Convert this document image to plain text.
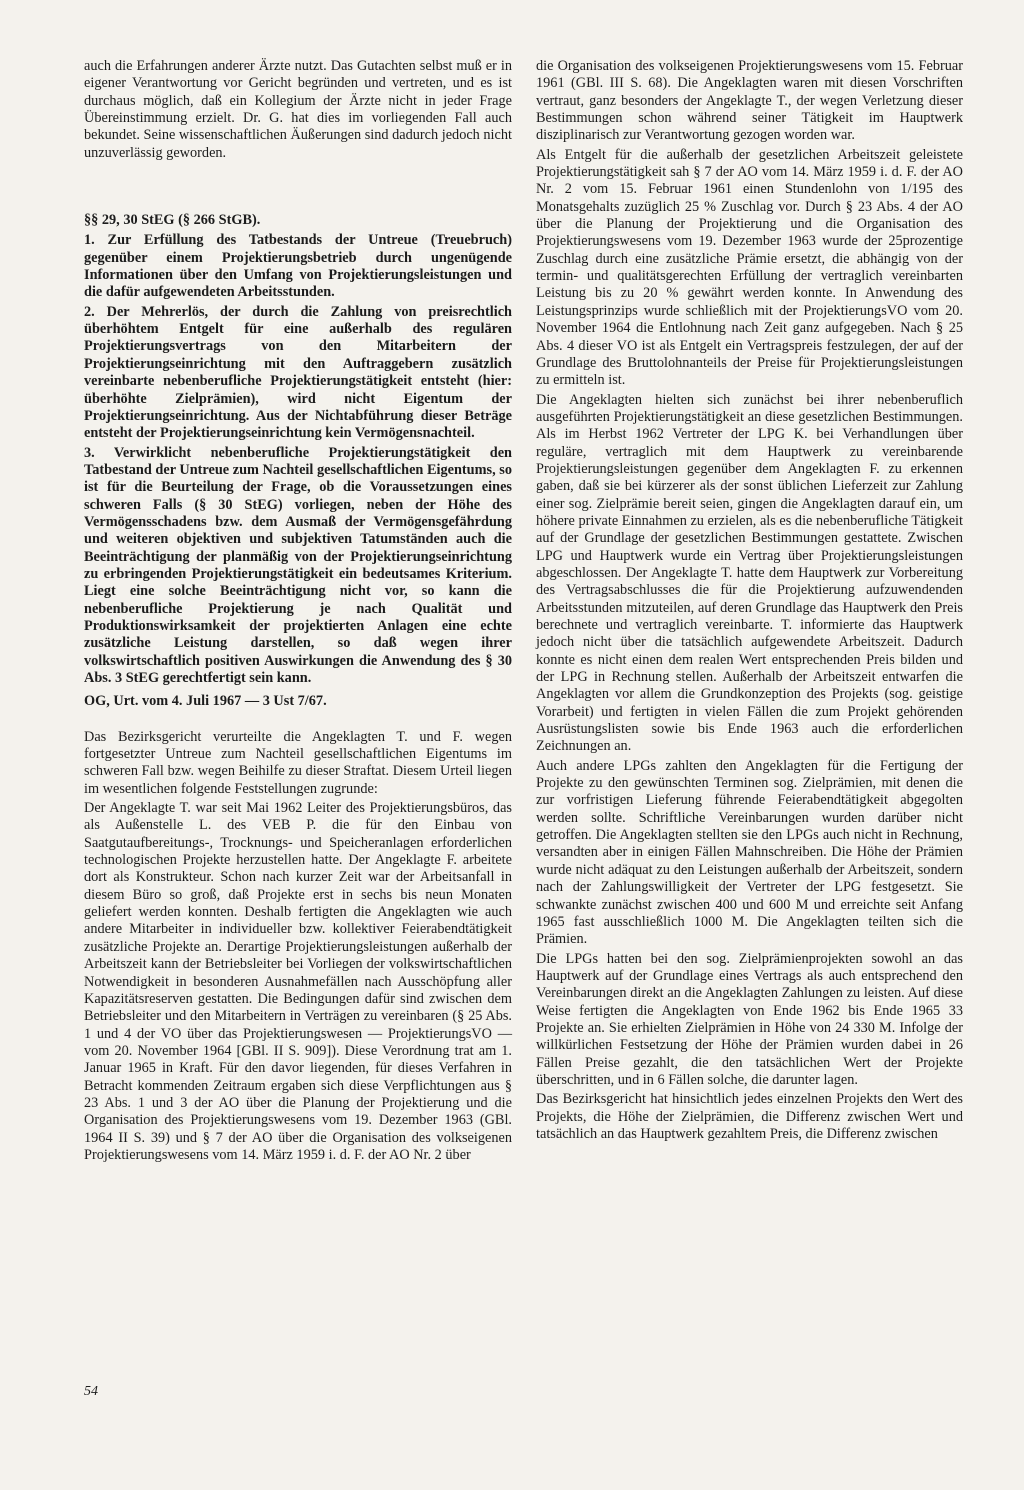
auch die Erfahrungen anderer Ärzte nutzt. Das Gutachten selbst muß er in eigener Verantwortung vor Gericht begründen und vertreten, und es ist durchaus möglich, daß ein Kollegium der Ärzte nicht in jeder Frage Übereinstimmung erzielt. Dr. G. hat dies im vorliegenden Fall auch bekundet. Seine wissenschaftlichen Äußerungen sind dadurch jedoch nicht unzuverlässig geworden.

§§ 29, 30 StEG (§ 266 StGB).

1. Zur Erfüllung des Tatbestands der Untreue (Treuebruch) gegenüber einem Projektierungsbetrieb durch ungenügende Informationen über den Umfang von Projektierungsleistungen und die dafür aufgewendeten Arbeitsstunden.

2. Der Mehrerlös, der durch die Zahlung von preisrechtlich überhöhtem Entgelt für eine außerhalb des regulären Projektierungsvertrags von den Mitarbeitern der Projektierungseinrichtung mit den Auftraggebern zusätzlich vereinbarte nebenberufliche Projektierungstätigkeit entsteht (hier: überhöhte Zielprämien), wird nicht Eigentum der Projektierungseinrichtung. Aus der Nichtabführung dieser Beträge entsteht der Projektierungseinrichtung kein Vermögensnachteil.

3. Verwirklicht nebenberufliche Projektierungstätigkeit den Tatbestand der Untreue zum Nachteil gesellschaftlichen Eigentums, so ist für die Beurteilung der Frage, ob die Voraussetzungen eines schweren Falls (§ 30 StEG) vorliegen, neben der Höhe des Vermögensschadens bzw. dem Ausmaß der Vermögensgefährdung und weiteren objektiven und subjektiven Tatumständen auch die Beeinträchtigung der planmäßig von der Projektierungseinrichtung zu erbringenden Projektierungstätigkeit ein bedeutsames Kriterium. Liegt eine solche Beeinträchtigung nicht vor, so kann die nebenberufliche Projektierung je nach Qualität und Produktionswirksamkeit der projektierten Anlagen eine echte zusätzliche Leistung darstellen, so daß wegen ihrer volkswirtschaftlich positiven Auswirkungen die Anwendung des § 30 Abs. 3 StEG gerechtfertigt sein kann.

OG, Urt. vom 4. Juli 1967 — 3 Ust 7/67.

Das Bezirksgericht verurteilte die Angeklagten T. und F. wegen fortgesetzter Untreue zum Nachteil gesellschaftlichen Eigentums im schweren Fall bzw. wegen Beihilfe zu dieser Straftat. Diesem Urteil liegen im wesentlichen folgende Feststellungen zugrunde:

Der Angeklagte T. war seit Mai 1962 Leiter des Projektierungsbüros, das als Außenstelle L. des VEB P. die für den Einbau von Saatgutaufbereitungs-, Trocknungs- und Speicheranlagen erforderlichen technologischen Projekte herzustellen hatte. Der Angeklagte F. arbeitete dort als Konstrukteur. Schon nach kurzer Zeit war der Arbeitsanfall in diesem Büro so groß, daß Projekte erst in sechs bis neun Monaten geliefert werden konnten. Deshalb fertigten die Angeklagten wie auch andere Mitarbeiter in individueller bzw. kollektiver Feierabendtätigkeit zusätzliche Projekte an. Derartige Projektierungsleistungen außerhalb der Arbeitszeit kann der Betriebsleiter bei Vorliegen der volkswirtschaftlichen Notwendigkeit in besonderen Ausnahmefällen nach Ausschöpfung aller Kapazitätsreserven gestatten. Die Bedingungen dafür sind zwischen dem Betriebsleiter und den Mitarbeitern in Verträgen zu vereinbaren (§ 25 Abs. 1 und 4 der VO über das Projektierungswesen — ProjektierungsVO — vom 20. November 1964 [GBl. II S. 909]). Diese Verordnung trat am 1. Januar 1965 in Kraft. Für den davor liegenden, für dieses Verfahren in Betracht kommenden Zeitraum ergaben sich diese Verpflichtungen aus § 23 Abs. 1 und 3 der AO über die Planung der Projektierung und die Organisation des Projektierungswesens vom 19. Dezember 1963 (GBl. 1964 II S. 39) und § 7 der AO über die Organisation des volkseigenen Projektierungswesens vom 14. März 1959 i. d. F. der AO Nr. 2 über

die Organisation des volkseigenen Projektierungswesens vom 15. Februar 1961 (GBl. III S. 68). Die Angeklagten waren mit diesen Vorschriften vertraut, ganz besonders der Angeklagte T., der wegen Verletzung dieser Bestimmungen schon während seiner Tätigkeit im Hauptwerk disziplinarisch zur Verantwortung gezogen worden war.

Als Entgelt für die außerhalb der gesetzlichen Arbeitszeit geleistete Projektierungstätigkeit sah § 7 der AO vom 14. März 1959 i. d. F. der AO Nr. 2 vom 15. Februar 1961 einen Stundenlohn von 1/195 des Monatsgehalts zuzüglich 25 % Zuschlag vor. Durch § 23 Abs. 4 der AO über die Planung der Projektierung und die Organisation des Projektierungswesens vom 19. Dezember 1963 wurde der 25prozentige Zuschlag durch eine zusätzliche Prämie ersetzt, die abhängig von der termin- und qualitätsgerechten Erfüllung der vertraglich vereinbarten Leistung bis zu 20 % gewährt werden konnte. In Anwendung des Leistungsprinzips wurde schließlich mit der ProjektierungsVO vom 20. November 1964 die Entlohnung nach Zeit ganz aufgegeben. Nach § 25 Abs. 4 dieser VO ist als Entgelt ein Vertragspreis festzulegen, der auf der Grundlage des Bruttolohnanteils der Preise für Projektierungsleistungen zu ermitteln ist.

Die Angeklagten hielten sich zunächst bei ihrer nebenberuflich ausgeführten Projektierungstätigkeit an diese gesetzlichen Bestimmungen. Als im Herbst 1962 Vertreter der LPG K. bei Verhandlungen über reguläre, vertraglich mit dem Hauptwerk zu vereinbarende Projektierungsleistungen gegenüber dem Angeklagten F. zu erkennen gaben, daß sie bei kürzerer als der sonst üblichen Lieferzeit zur Zahlung einer sog. Zielprämie bereit seien, gingen die Angeklagten darauf ein, um höhere private Einnahmen zu erzielen, als es die nebenberufliche Tätigkeit auf der Grundlage der gesetzlichen Bestimmungen gestattete. Zwischen LPG und Hauptwerk wurde ein Vertrag über Projektierungsleistungen abgeschlossen. Der Angeklagte T. hatte dem Hauptwerk zur Vorbereitung des Vertragsabschlusses die für die Projektierung aufzuwendenden Arbeitsstunden mitzuteilen, auf deren Grundlage das Hauptwerk den Preis berechnete und vertraglich vereinbarte. T. informierte das Hauptwerk jedoch nicht über die tatsächlich aufgewendete Arbeitszeit. Dadurch konnte es nicht einen dem realen Wert entsprechenden Preis bilden und der LPG in Rechnung stellen. Außerhalb der Arbeitszeit entwarfen die Angeklagten vor allem die Grundkonzeption des Projekts (sog. geistige Vorarbeit) und fertigten in vielen Fällen die zum Projekt gehörenden Ausrüstungslisten sowie bis Ende 1963 auch die erforderlichen Zeichnungen an.

Auch andere LPGs zahlten den Angeklagten für die Fertigung der Projekte zu den gewünschten Terminen sog. Zielprämien, mit denen die zur vorfristigen Lieferung führende Feierabendtätigkeit abgegolten werden sollte. Schriftliche Vereinbarungen wurden darüber nicht getroffen. Die Angeklagten stellten sie den LPGs auch nicht in Rechnung, versandten aber in einigen Fällen Mahnschreiben. Die Höhe der Prämien wurde nicht adäquat zu den Leistungen außerhalb der Arbeitszeit, sondern nach der Zahlungswilligkeit der Vertreter der LPG festgesetzt. Sie schwankte zunächst zwischen 400 und 600 M und erreichte seit Anfang 1965 fast ausschließlich 1000 M. Die Angeklagten teilten sich die Prämien.

Die LPGs hatten bei den sog. Zielprämienprojekten sowohl an das Hauptwerk auf der Grundlage eines Vertrags als auch entsprechend den Vereinbarungen direkt an die Angeklagten Zahlungen zu leisten. Auf diese Weise fertigten die Angeklagten von Ende 1962 bis Ende 1965 33 Projekte an. Sie erhielten Zielprämien in Höhe von 24 330 M. Infolge der willkürlichen Festsetzung der Höhe der Prämien wurden dabei in 26 Fällen Preise gezahlt, die den tatsächlichen Wert der Projekte überschritten, und in 6 Fällen solche, die darunter lagen.

Das Bezirksgericht hat hinsichtlich jedes einzelnen Projekts den Wert des Projekts, die Höhe der Zielprämien, die Differenz zwischen Wert und tatsächlich an das Hauptwerk gezahltem Preis, die Differenz zwischen

54
